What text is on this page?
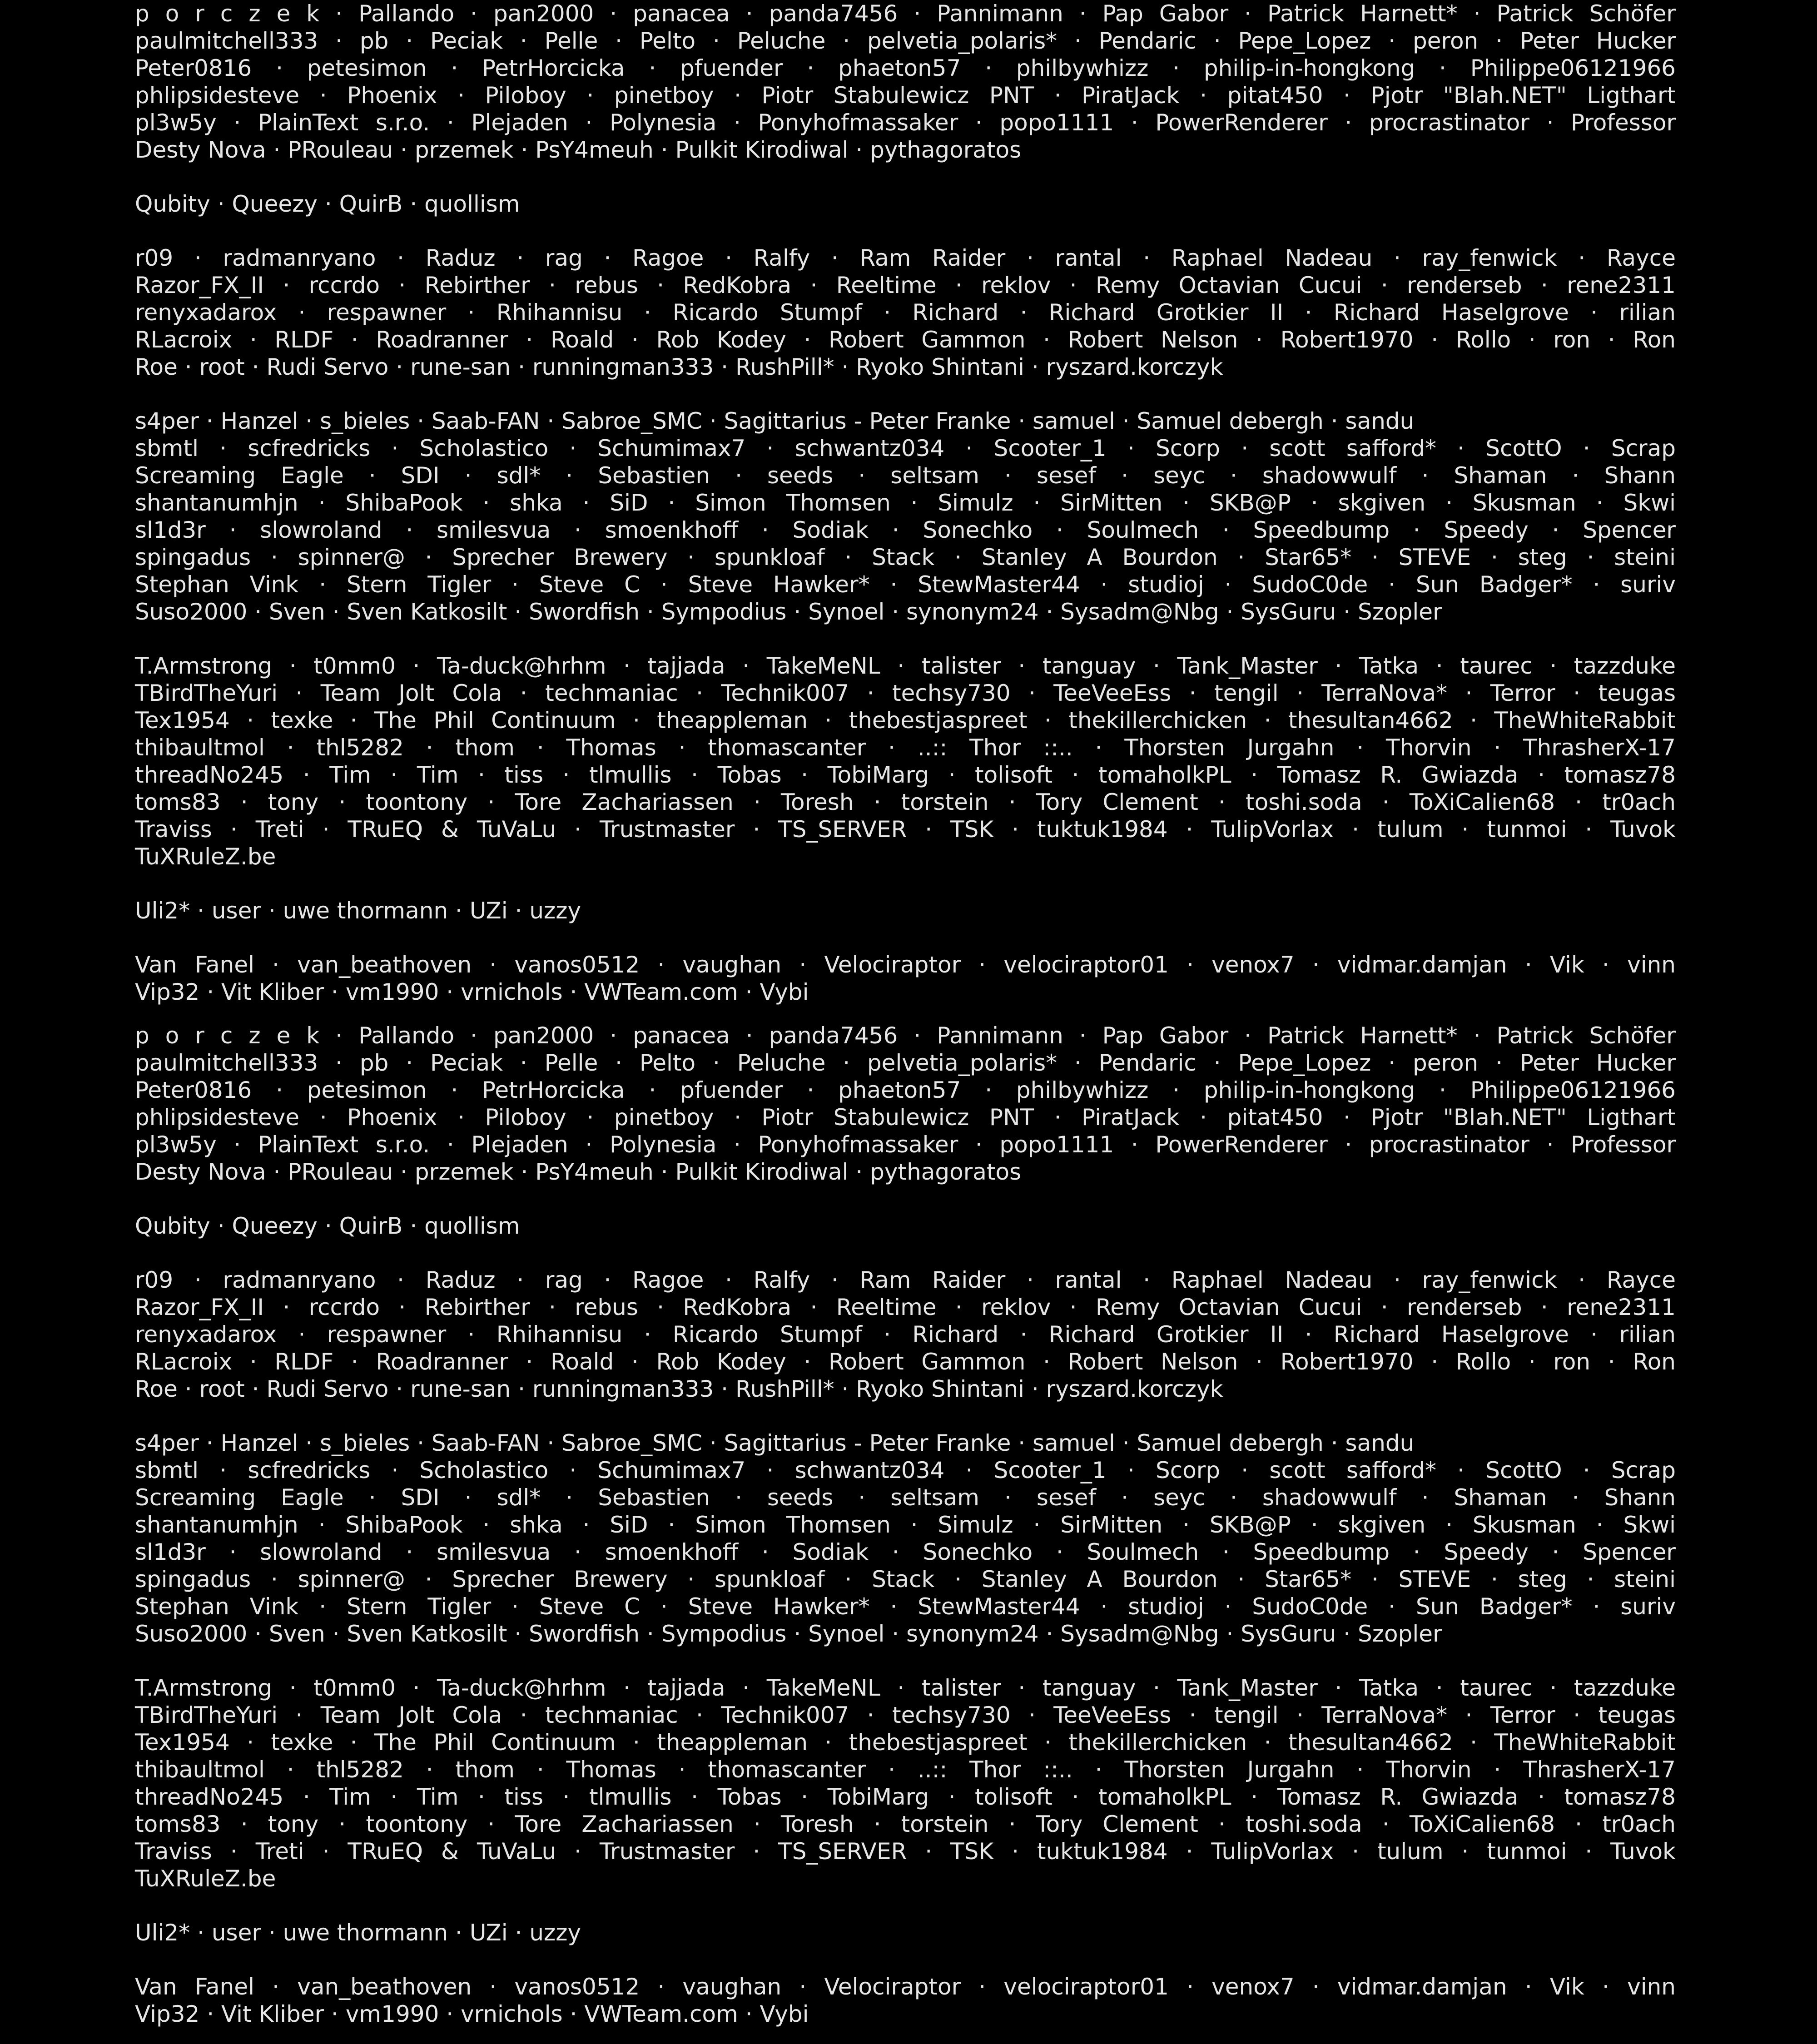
p o r c z e k · Pallando · pan2000 · panacea · panda7456 · Pannimann · Pap Gabor · Patrick Harnett* · Patrick Schöfer
paulmitchell333 · pb · Peciak · Pelle · Pelto · Peluche · pelvetia_polaris* · Pendaric · Pepe_Lopez · peron · Peter Hucker
Peter0816 · petesimon · PetrHorcicka · pfuender · phaeton57 · philbywhizz · philip-in-hongkong · Philippe06121966
phlipsidesteve · Phoenix · Piloboy · pinetboy · Piotr Stabulewicz PNT · PiratJack · pitat450 · Pjotr "Blah.NET" Ligthart
pl3w5y · PlainText s.r.o. · Plejaden · Polynesia · Ponyhofmassaker · popo1111 · PowerRenderer · procrastinator · Professor
Desty Nova · PRouleau · przemek · PsY4meuh · Pulkit Kirodiwal · pythagoratos
Qubity · Queezy · QuirB · quollism
r09 · radmanryano · Raduz · rag · Ragoe · Ralfy · Ram Raider · rantal · Raphael Nadeau · ray_fenwick · Rayce
Razor_FX_II · rccrdo · Rebirther · rebus · RedKobra · Reeltime · reklov · Remy Octavian Cucui · renderseb · rene2311
renyxadarox · respawner · Rhihannisu · Ricardo Stumpf · Richard · Richard Grotkier II · Richard Haselgrove · rilian
RLacroix · RLDF · Roadranner · Roald · Rob Kodey · Robert Gammon · Robert Nelson · Robert1970 · Rollo · ron · Ron
Roe · root · Rudi Servo · rune-san · runningman333 · RushPill* · Ryoko Shintani · ryszard.korczyk
s4per · Hanzel · s_bieles · Saab-FAN · Sabroe_SMC · Sagittarius - Peter Franke · samuel · Samuel debergh · sandu
sbmtl · scfredricks · Scholastico · Schumimax7 · schwantz034 · Scooter_1 · Scorp · scott safford* · ScottO · Scrap
Screaming Eagle · SDI · sdl* · Sebastien · seeds · seltsam · sesef · seyc · shadowwulf · Shaman · Shann
shantanumhjn · ShibaPook · shka · SiD · Simon Thomsen · Simulz · SirMitten · SKB@P · skgiven · Skusman · Skwi
sl1d3r · slowroland · smilesvua · smoenkhoff · Sodiak · Sonechko · Soulmech · Speedbump · Speedy · Spencer
spingadus · spinner@ · Sprecher Brewery · spunkloaf · Stack · Stanley A Bourdon · Star65* · STEVE · steg · steini
Stephan Vink · Stern Tigler · Steve C · Steve Hawker* · StewMaster44 · studioj · SudoC0de · Sun Badger* · suriv
Suso2000 · Sven · Sven Katkosilt · Swordfish · Sympodius · Synoel · synonym24 · Sysadm@Nbg · SysGuru · Szopler
T.Armstrong · t0mm0 · Ta-duck@hrhm · tajjada · TakeMeNL · talister · tanguay · Tank_Master · Tatka · taurec · tazzduke
TBirdTheYuri · Team Jolt Cola · techmaniac · Technik007 · techsy730 · TeeVeeEss · tengil · TerraNova* · Terror · teugas
Tex1954 · texke · The Phil Continuum · theappleman · thebestjaspreet · thekillerchicken · thesultan4662 · TheWhiteRabbit
thibaultmol · thl5282 · thom · Thomas · thomascanter · ..:: Thor ::.. · Thorsten Jurgahn · Thorvin · ThrasherX-17
threadNo245 · Tim · Tim · tiss · tlmullis · Tobas · TobiMarg · tolisoft · tomaholkPL · Tomasz R. Gwiazda · tomasz78
toms83 · tony · toontony · Tore Zachariassen · Toresh · torstein · Tory Clement · toshi.soda · ToXiCalien68 · tr0ach
Traviss · Treti · TRuEQ & TuVaLu · Trustmaster · TS_SERVER · TSK · tuktuk1984 · TulipVorlax · tulum · tunmoi · Tuvok
TuXRuleZ.be
Uli2* · user · uwe thormann · UZi · uzzy
Van Fanel · van_beathoven · vanos0512 · vaughan · Velociraptor · velociraptor01 · venox7 · vidmar.damjan · Vik · vinn
Vip32 · Vit Kliber · vm1990 · vrnichols · VWTeam.com · Vybi
p o r c z e k · Pallando · pan2000 · panacea · panda7456 · Pannimann · Pap Gabor · Patrick Harnett* · Patrick Schöfer
paulmitchell333 · pb · Peciak · Pelle · Pelto · Peluche · pelvetia_polaris* · Pendaric · Pepe_Lopez · peron · Peter Hucker
Peter0816 · petesimon · PetrHorcicka · pfuender · phaeton57 · philbywhizz · philip-in-hongkong · Philippe06121966
phlipsidesteve · Phoenix · Piloboy · pinetboy · Piotr Stabulewicz PNT · PiratJack · pitat450 · Pjotr "Blah.NET" Ligthart
pl3w5y · PlainText s.r.o. · Plejaden · Polynesia · Ponyhofmassaker · popo1111 · PowerRenderer · procrastinator · Professor
Desty Nova · PRouleau · przemek · PsY4meuh · Pulkit Kirodiwal · pythagoratos
Qubity · Queezy · QuirB · quollism
r09 · radmanryano · Raduz · rag · Ragoe · Ralfy · Ram Raider · rantal · Raphael Nadeau · ray_fenwick · Rayce
Razor_FX_II · rccrdo · Rebirther · rebus · RedKobra · Reeltime · reklov · Remy Octavian Cucui · renderseb · rene2311
renyxadarox · respawner · Rhihannisu · Ricardo Stumpf · Richard · Richard Grotkier II · Richard Haselgrove · rilian
RLacroix · RLDF · Roadranner · Roald · Rob Kodey · Robert Gammon · Robert Nelson · Robert1970 · Rollo · ron · Ron
Roe · root · Rudi Servo · rune-san · runningman333 · RushPill* · Ryoko Shintani · ryszard.korczyk
s4per · Hanzel · s_bieles · Saab-FAN · Sabroe_SMC · Sagittarius - Peter Franke · samuel · Samuel debergh · sandu
sbmtl · scfredricks · Scholastico · Schumimax7 · schwantz034 · Scooter_1 · Scorp · scott safford* · ScottO · Scrap
Screaming Eagle · SDI · sdl* · Sebastien · seeds · seltsam · sesef · seyc · shadowwulf · Shaman · Shann
shantanumhjn · ShibaPook · shka · SiD · Simon Thomsen · Simulz · SirMitten · SKB@P · skgiven · Skusman · Skwi
sl1d3r · slowroland · smilesvua · smoenkhoff · Sodiak · Sonechko · Soulmech · Speedbump · Speedy · Spencer
spingadus · spinner@ · Sprecher Brewery · spunkloaf · Stack · Stanley A Bourdon · Star65* · STEVE · steg · steini
Stephan Vink · Stern Tigler · Steve C · Steve Hawker* · StewMaster44 · studioj · SudoC0de · Sun Badger* · suriv
Suso2000 · Sven · Sven Katkosilt · Swordfish · Sympodius · Synoel · synonym24 · Sysadm@Nbg · SysGuru · Szopler
T.Armstrong · t0mm0 · Ta-duck@hrhm · tajjada · TakeMeNL · talister · tanguay · Tank_Master · Tatka · taurec · tazzduke
TBirdTheYuri · Team Jolt Cola · techmaniac · Technik007 · techsy730 · TeeVeeEss · tengil · TerraNova* · Terror · teugas
Tex1954 · texke · The Phil Continuum · theappleman · thebestjaspreet · thekillerchicken · thesultan4662 · TheWhiteRabbit
thibaultmol · thl5282 · thom · Thomas · thomascanter · ..:: Thor ::.. · Thorsten Jurgahn · Thorvin · ThrasherX-17
threadNo245 · Tim · Tim · tiss · tlmullis · Tobas · TobiMarg · tolisoft · tomaholkPL · Tomasz R. Gwiazda · tomasz78
toms83 · tony · toontony · Tore Zachariassen · Toresh · torstein · Tory Clement · toshi.soda · ToXiCalien68 · tr0ach
Traviss · Treti · TRuEQ & TuVaLu · Trustmaster · TS_SERVER · TSK · tuktuk1984 · TulipVorlax · tulum · tunmoi · Tuvok
TuXRuleZ.be
Uli2* · user · uwe thormann · UZi · uzzy
Van Fanel · van_beathoven · vanos0512 · vaughan · Velociraptor · velociraptor01 · venox7 · vidmar.damjan · Vik · vinn
Vip32 · Vit Kliber · vm1990 · vrnichols · VWTeam.com · Vybi
